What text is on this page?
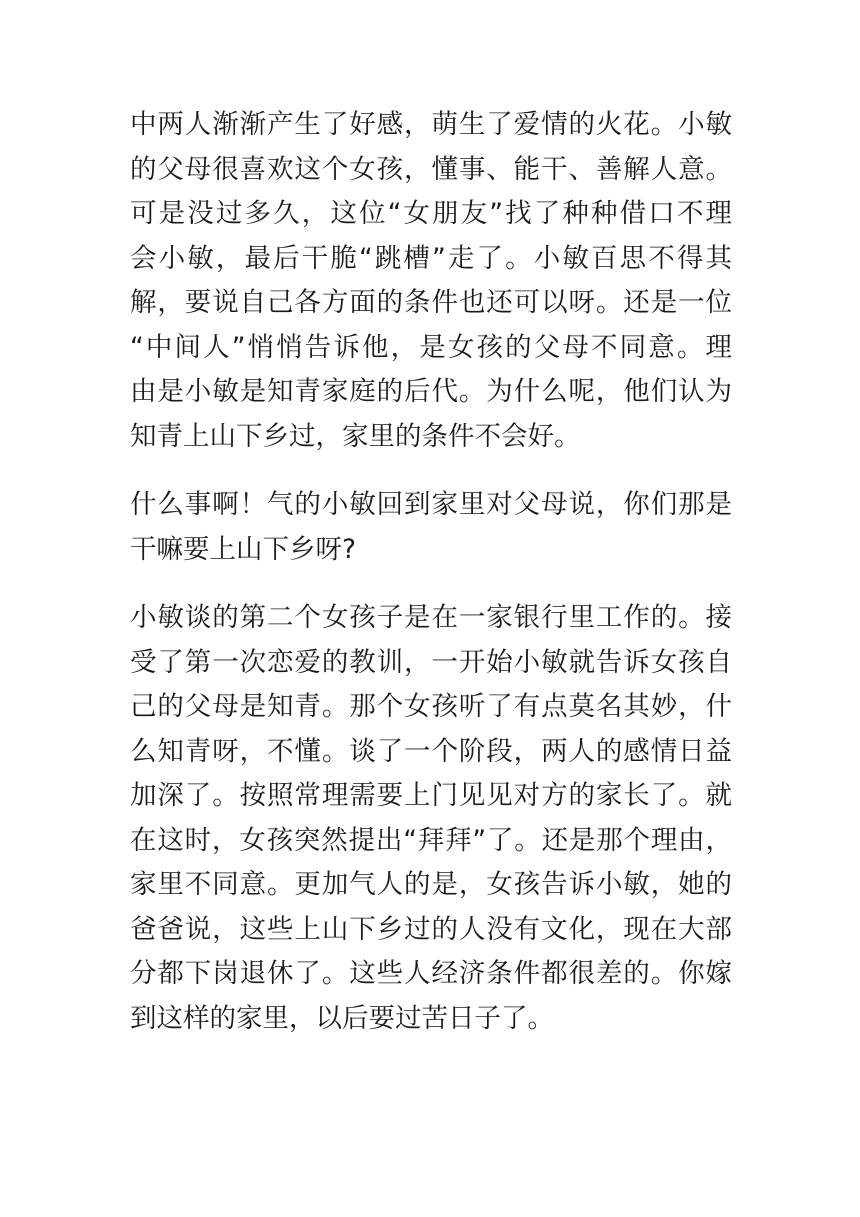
中两人渐渐产生了好感，萌生了爱情的火花。小敏
的父母很喜欢这个女孩，懂事、能干、善解人意。
可是没过多久，这位“女朋友”找了种种借口不理
会小敏，最后干脆“跳槽”走了。小敏百思不得其
解，要说自己各方面的条件也还可以呀。还是一位
“中间人”悄悄告诉他，是女孩的父母不同意。理
由是小敏是知青家庭的后代。为什么呢，他们认为
知青上山下乡过，家里的条件不会好。
什么事啊！气的小敏回到家里对父母说，你们那是
干嘛要上山下乡呀?
小敏谈的第二个女孩子是在一家银行里工作的。接
受了第一次恋爱的教训，一开始小敏就告诉女孩自
己的父母是知青。那个女孩听了有点莫名其妙，什
么知青呀，不懂。谈了一个阶段，两人的感情日益
加深了。按照常理需要上门见见对方的家长了。就
在这时，女孩突然提出“拜拜”了。还是那个理由，
家里不同意。更加气人的是，女孩告诉小敏，她的
爸爸说，这些上山下乡过的人没有文化，现在大部
分都下岗退休了。这些人经济条件都很差的。你嫁
到这样的家里，以后要过苦日子了。
